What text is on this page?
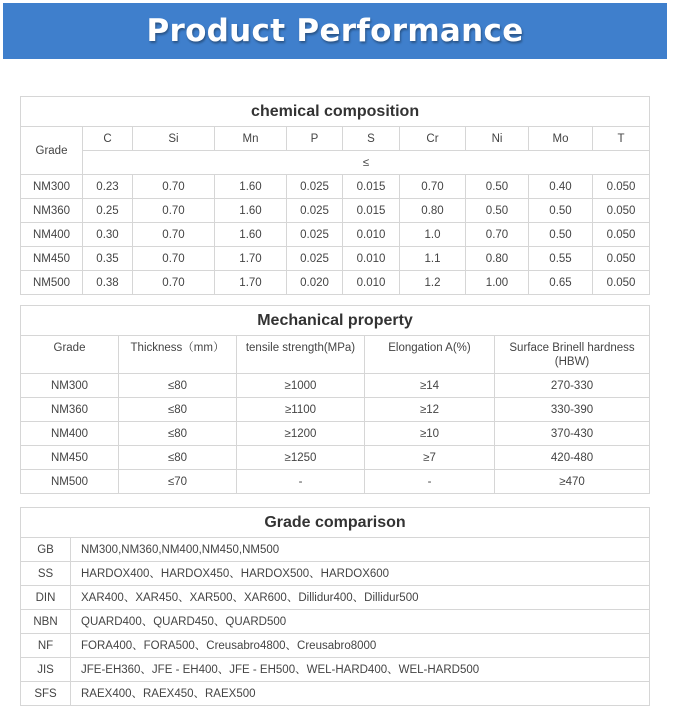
Product Performance
chemical composition									
Grade	C	Si	Mn	P	S	Cr	Ni	Mo	T
	≤								
NM300	0.23	0.70	1.60	0.025	0.015	0.70	0.50	0.40	0.050
NM360	0.25	0.70	1.60	0.025	0.015	0.80	0.50	0.50	0.050
NM400	0.30	0.70	1.60	0.025	0.010	1.0	0.70	0.50	0.050
NM450	0.35	0.70	1.70	0.025	0.010	1.1	0.80	0.55	0.050
NM500	0.38	0.70	1.70	0.020	0.010	1.2	1.00	0.65	0.050
Mechanical property				
Grade	Thickness（mm）	tensile strength(MPa)	Elongation A(%)	Surface Brinell hardness (HBW)
NM300	≤80	≥1000	≥14	270-330
NM360	≤80	≥1100	≥12	330-390
NM400	≤80	≥1200	≥10	370-430
NM450	≤80	≥1250	≥7	420-480
NM500	≤70	-	-	≥470
Grade comparison	
GB	NM300,NM360,NM400,NM450,NM500
SS	HARDOX400、HARDOX450、HARDOX500、HARDOX600
DIN	XAR400、XAR450、XAR500、XAR600、Dillidur400、Dillidur500
NBN	QUARD400、QUARD450、QUARD500
NF	FORA400、FORA500、Creusabro4800、Creusabro8000
JIS	JFE-EH360、JFE - EH400、JFE - EH500、WEL-HARD400、WEL-HARD500
SFS	RAEX400、RAEX450、RAEX500
